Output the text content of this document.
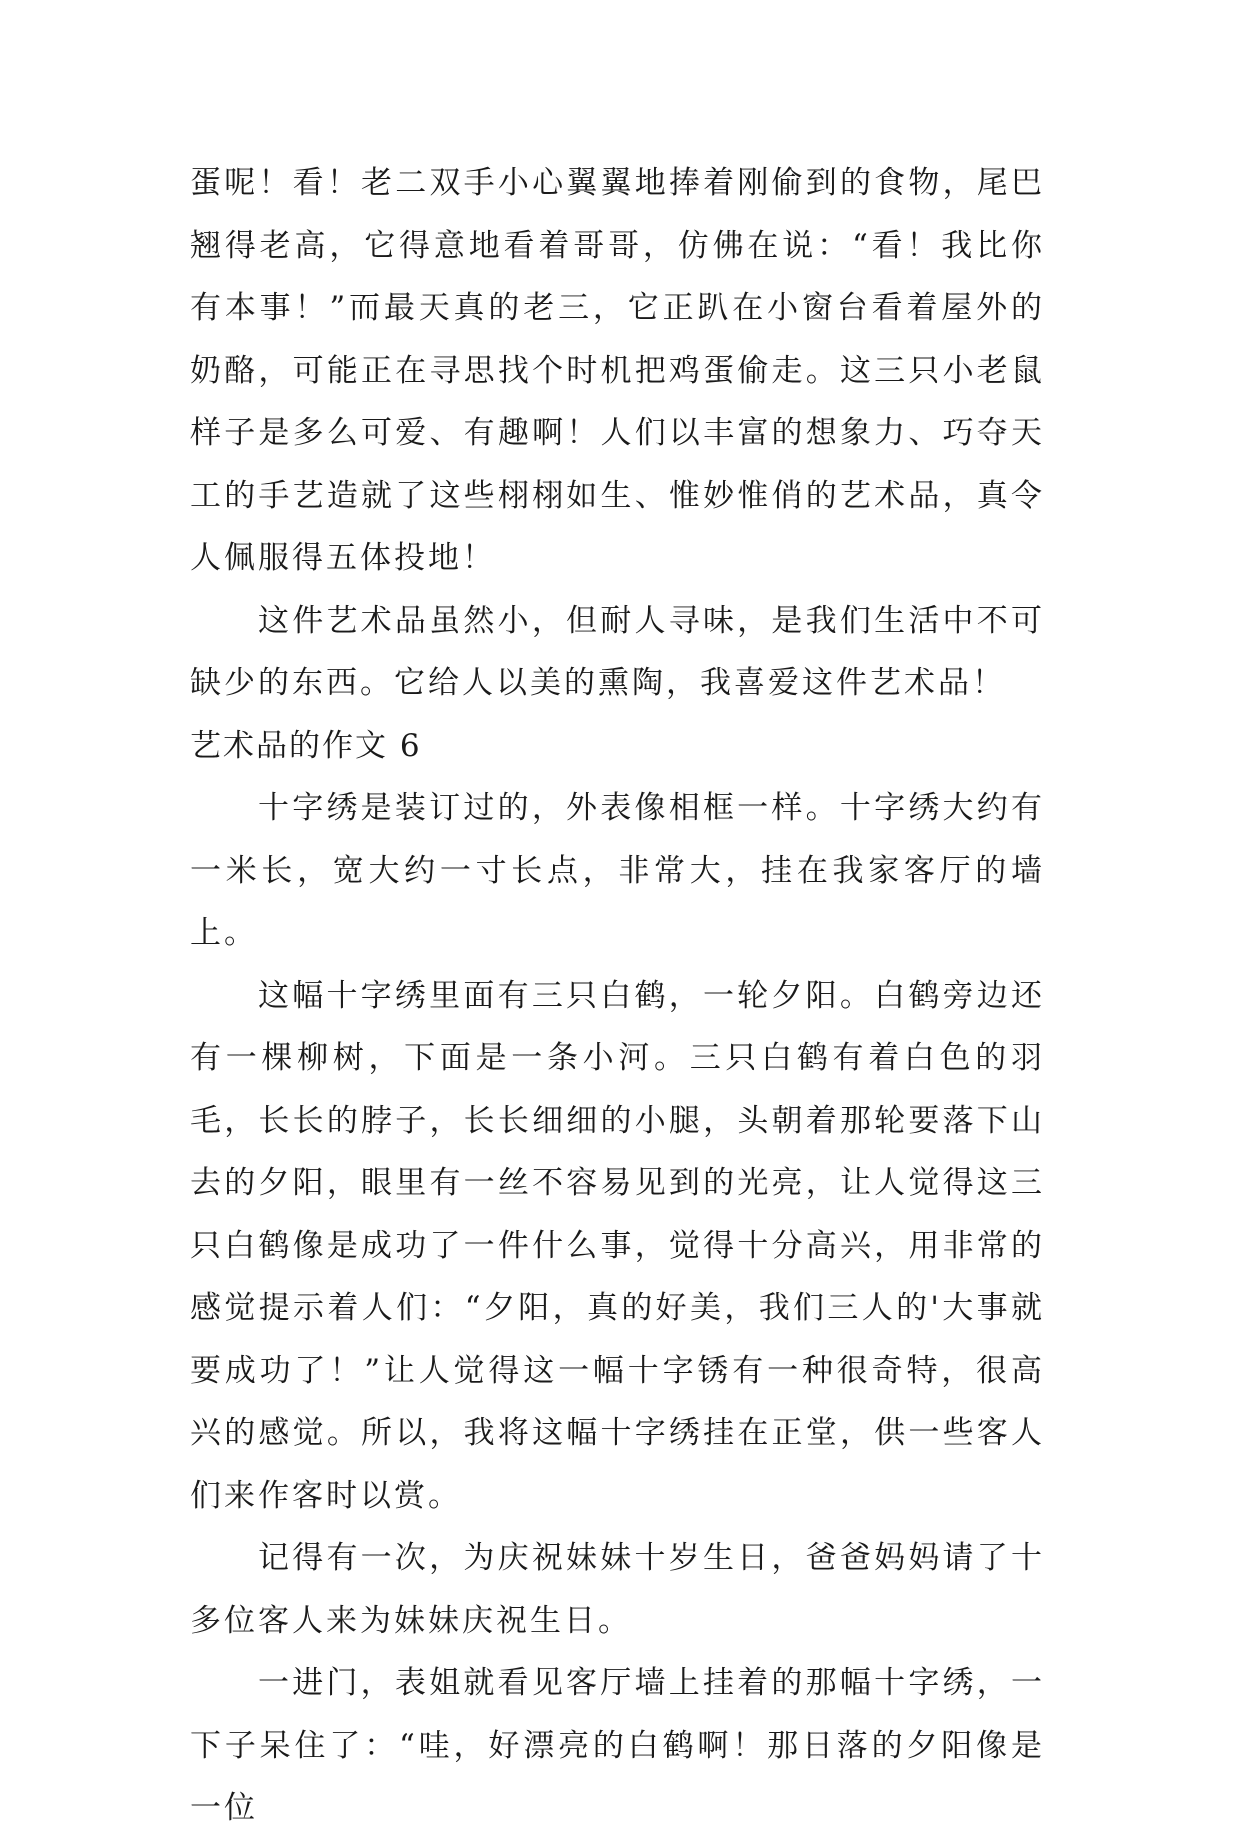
蛋呢！看！老二双手小心翼翼地捧着刚偷到的食物，尾巴翘得老高，它得意地看着哥哥，仿佛在说：“看！我比你有本事！”而最天真的老三，它正趴在小窗台看着屋外的奶酪，可能正在寻思找个时机把鸡蛋偷走。这三只小老鼠样子是多么可爱、有趣啊！人们以丰富的想象力、巧夺天工的手艺造就了这些栩栩如生、惟妙惟俏的艺术品，真令人佩服得五体投地！

这件艺术品虽然小，但耐人寻味，是我们生活中不可缺少的东西。它给人以美的熏陶，我喜爱这件艺术品！

艺术品的作文 6

十字绣是装订过的，外表像相框一样。十字绣大约有一米长，宽大约一寸长点，非常大，挂在我家客厅的墙上。

这幅十字绣里面有三只白鹤，一轮夕阳。白鹤旁边还有一棵柳树，下面是一条小河。三只白鹤有着白色的羽毛，长长的脖子，长长细细的小腿，头朝着那轮要落下山去的夕阳，眼里有一丝不容易见到的光亮，让人觉得这三只白鹤像是成功了一件什么事，觉得十分高兴，用非常的感觉提示着人们：“夕阳，真的好美，我们三人的'大事就要成功了！”让人觉得这一幅十字锈有一种很奇特，很高兴的感觉。所以，我将这幅十字绣挂在正堂，供一些客人们来作客时以赏。

记得有一次，为庆祝妹妹十岁生日，爸爸妈妈请了十多位客人来为妹妹庆祝生日。

一进门，表姐就看见客厅墙上挂着的那幅十字绣，一下子呆住了：“哇，好漂亮的白鹤啊！那日落的夕阳像是一位
